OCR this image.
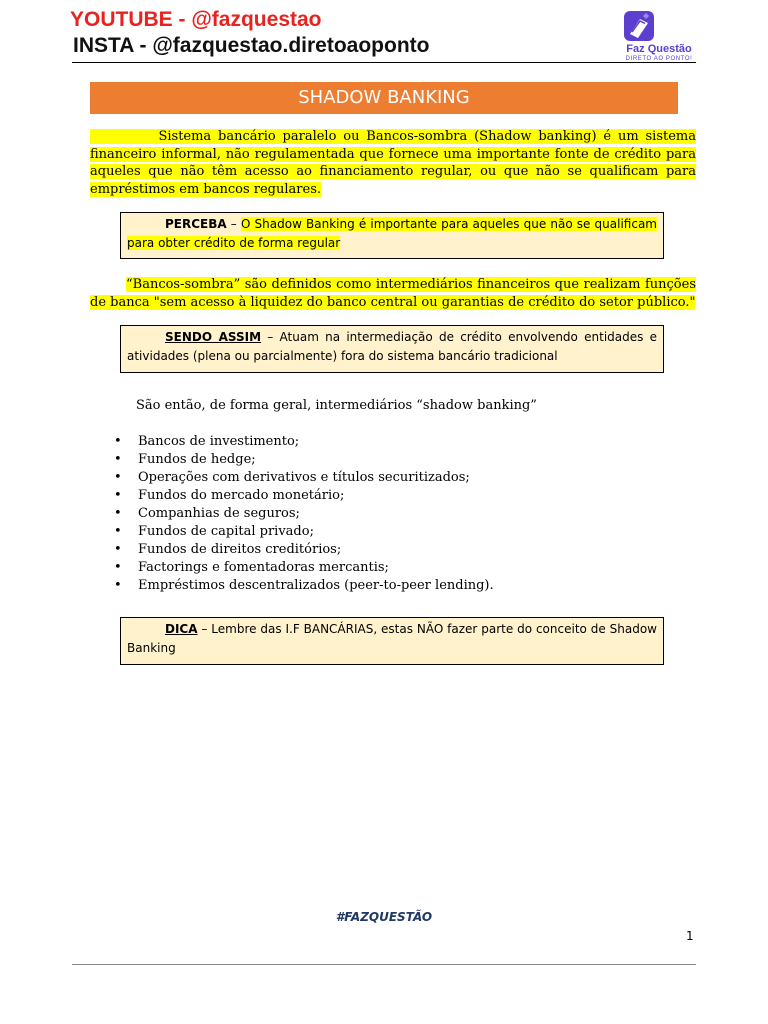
YOUTUBE - @fazquestao
INSTA - @fazquestao.diretoaoponto	Faz Questão
DIRETO AO PONTO!
SHADOW BANKING
Sistema bancário paralelo ou Bancos-sombra (Shadow banking) é um sistema financeiro informal, não regulamentada que fornece uma importante fonte de crédito para aqueles que não têm acesso ao financiamento regular, ou que não se qualificam para empréstimos em bancos regulares.
PERCEBA – O Shadow Banking é importante para aqueles que não se qualificam para obter crédito de forma regular
“Bancos-sombra” são definidos como intermediários financeiros que realizam funções de banca "sem acesso à liquidez do banco central ou garantias de crédito do setor público."
SENDO ASSIM – Atuam na intermediação de crédito envolvendo entidades e atividades (plena ou parcialmente) fora do sistema bancário tradicional
São então, de forma geral, intermediários “shadow banking”
• Bancos de investimento;
• Fundos de hedge;
• Operações com derivativos e títulos securitizados;
• Fundos do mercado monetário;
• Companhias de seguros;
• Fundos de capital privado;
• Fundos de direitos creditórios;
• Factorings e fomentadoras mercantis;
• Empréstimos descentralizados (peer-to-peer lending).
DICA – Lembre das I.F BANCÁRIAS, estas NÃO fazer parte do conceito de Shadow Banking
#FAZQUESTÃO
1
